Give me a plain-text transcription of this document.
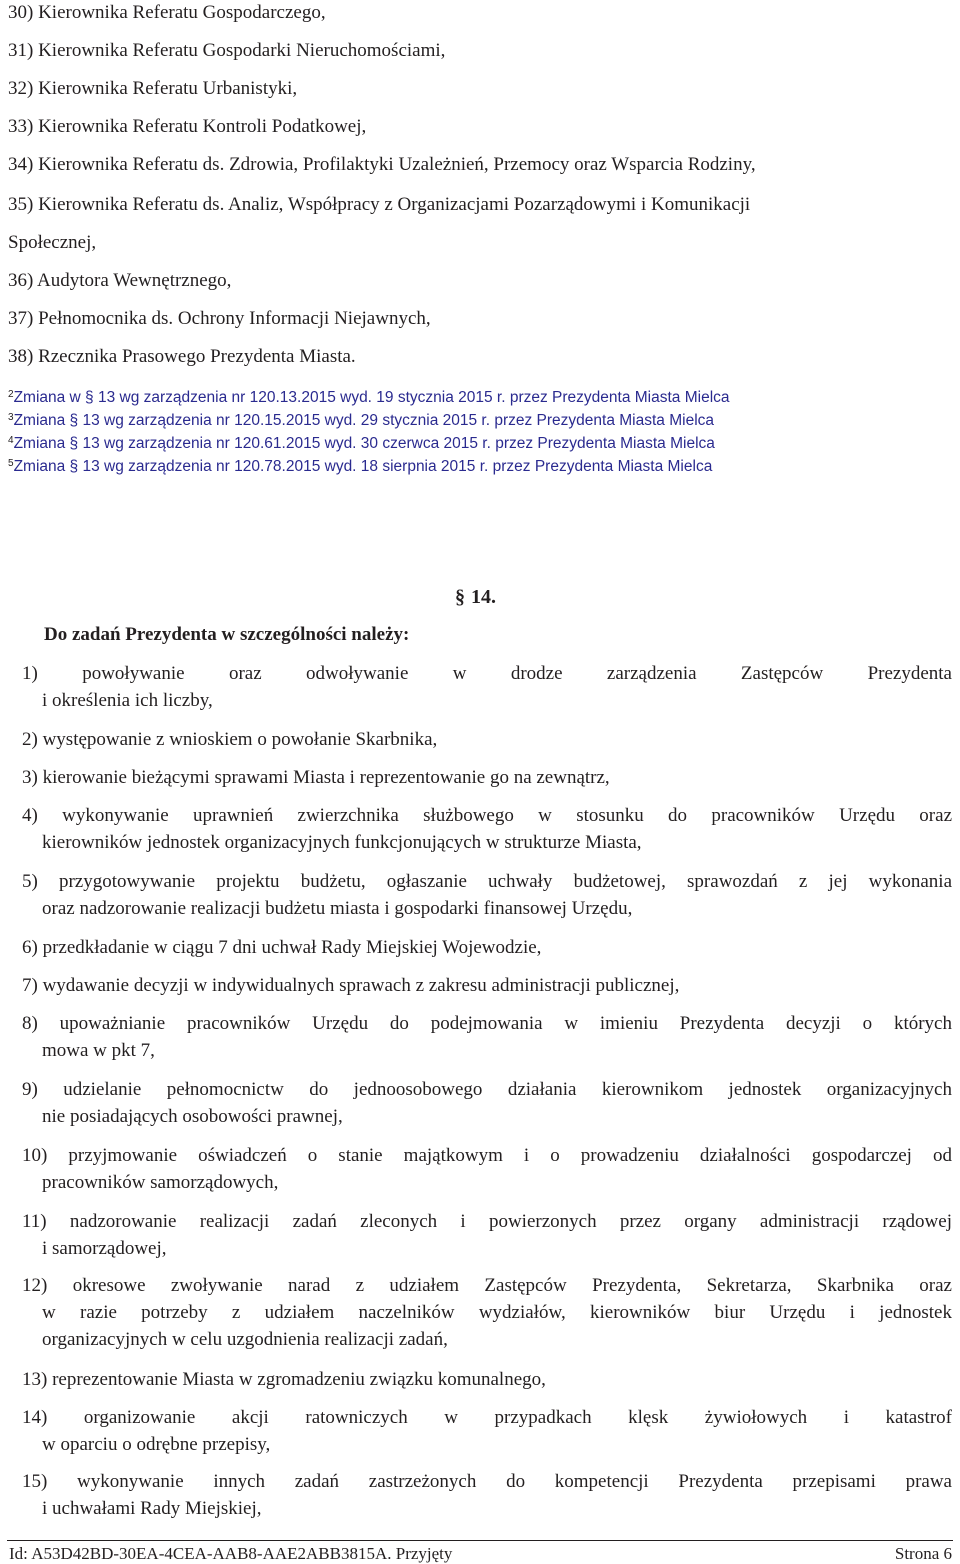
30) Kierownika Referatu Gospodarczego,
31) Kierownika Referatu Gospodarki Nieruchomościami,
32) Kierownika Referatu Urbanistyki,
33) Kierownika Referatu Kontroli Podatkowej,
34) Kierownika Referatu ds. Zdrowia, Profilaktyki Uzależnień, Przemocy oraz Wsparcia Rodziny,
35) Kierownika Referatu ds. Analiz, Współpracy z Organizacjami Pozarządowymi i Komunikacji
Społecznej,
36) Audytora Wewnętrznego,
37) Pełnomocnika ds. Ochrony Informacji Niejawnych,
38) Rzecznika Prasowego Prezydenta Miasta.
$^2$Zmiana w § 13 wg zarządzenia nr 120.13.2015 wyd. 19 stycznia 2015 r. przez Prezydenta Miasta Mielca
$^3$Zmiana § 13 wg zarządzenia nr 120.15.2015 wyd. 29 stycznia 2015 r. przez Prezydenta Miasta Mielca
$^4$Zmiana § 13 wg zarządzenia nr 120.61.2015 wyd. 30 czerwca 2015 r. przez Prezydenta Miasta Mielca
$^5$Zmiana § 13 wg zarządzenia nr 120.78.2015 wyd. 18 sierpnia 2015 r. przez Prezydenta Miasta Mielca
§ 14.
Do zadań Prezydenta w szczególności należy:
1) powoływanie oraz odwoływanie w drodze zarządzenia Zastępców Prezydenta
i określenia ich liczby,
2) występowanie z wnioskiem o powołanie Skarbnika,
3) kierowanie bieżącymi sprawami Miasta i reprezentowanie go na zewnątrz,
4) wykonywanie uprawnień zwierzchnika służbowego w stosunku do pracowników Urzędu oraz
kierowników jednostek organizacyjnych funkcjonujących w strukturze Miasta,
5) przygotowywanie projektu budżetu, ogłaszanie uchwały budżetowej, sprawozdań z jej wykonania
oraz nadzorowanie realizacji budżetu miasta i gospodarki finansowej Urzędu,
6) przedkładanie w ciągu 7 dni uchwał Rady Miejskiej Wojewodzie,
7) wydawanie decyzji w indywidualnych sprawach z zakresu administracji publicznej,
8) upoważnianie pracowników Urzędu do podejmowania w imieniu Prezydenta decyzji o których
mowa w pkt 7,
9) udzielanie pełnomocnictw do jednoosobowego działania kierownikom jednostek organizacyjnych
nie posiadających osobowości prawnej,
10) przyjmowanie oświadczeń o stanie majątkowym i o prowadzeniu działalności gospodarczej od
pracowników samorządowych,
11) nadzorowanie realizacji zadań zleconych i powierzonych przez organy administracji rządowej
i samorządowej,
12) okresowe zwoływanie narad z udziałem Zastępców Prezydenta, Sekretarza, Skarbnika oraz
w razie potrzeby z udziałem naczelników wydziałów, kierowników biur Urzędu i jednostek
organizacyjnych w celu uzgodnienia realizacji zadań,
13) reprezentowanie Miasta w zgromadzeniu związku komunalnego,
14) organizowanie akcji ratowniczych w przypadkach klęsk żywiołowych i katastrof
w oparciu o odrębne przepisy,
15) wykonywanie innych zadań zastrzeżonych do kompetencji Prezydenta przepisami prawa
i uchwałami Rady Miejskiej,
Id: A53D42BD-30EA-4CEA-AAB8-AAE2ABB3815A. Przyjęty	Strona 6
